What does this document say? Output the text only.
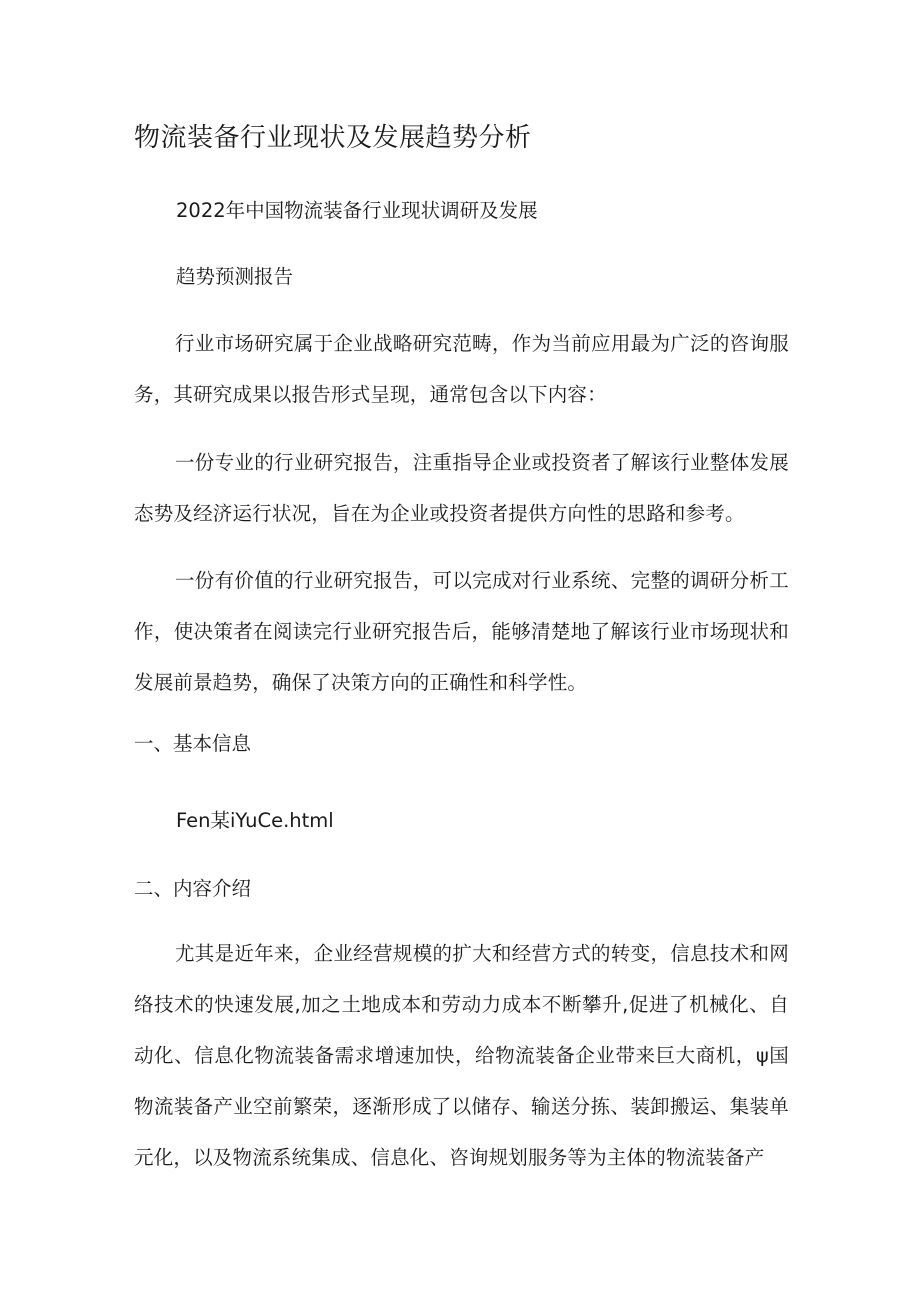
物流装备行业现状及发展趋势分析
2022年中国物流装备行业现状调研及发展
趋势预测报告
行业市场研究属于企业战略研究范畴，作为当前应用最为广泛的咨询服务，其研究成果以报告形式呈现，通常包含以下内容：
一份专业的行业研究报告，注重指导企业或投资者了解该行业整体发展态势及经济运行状况，旨在为企业或投资者提供方向性的思路和参考。
一份有价值的行业研究报告，可以完成对行业系统、完整的调研分析工作，使决策者在阅读完行业研究报告后，能够清楚地了解该行业市场现状和发展前景趋势，确保了决策方向的正确性和科学性。
一、基本信息
Fen某iYuCe.html
二、内容介绍
尤其是近年来，企业经营规模的扩大和经营方式的转变，信息技术和网络技术的快速发展,加之土地成本和劳动力成本不断攀升,促进了机械化、自动化、信息化物流装备需求增速加快，给物流装备企业带来巨大商机，ψ国物流装备产业空前繁荣，逐渐形成了以储存、输送分拣、装卸搬运、集装单元化，以及物流系统集成、信息化、咨询规划服务等为主体的物流装备产
